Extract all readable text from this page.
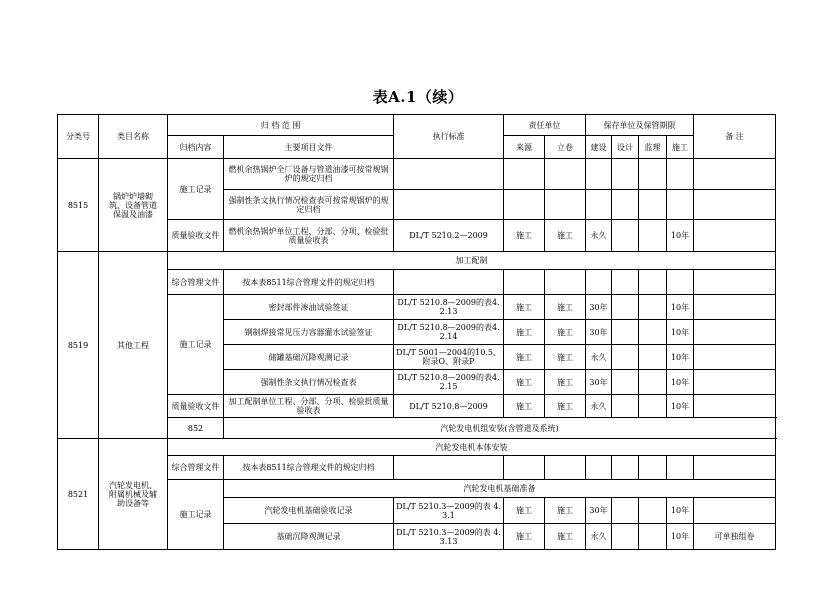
表A.1（续）
分类号	类目名称	归 档 范 围		执行标准	责任单位		保存单位及保管期限				备 注
		归档内容	主要项目文件		来源	立卷	建设	设计	监理	施工	
8515	锅炉炉墙砌筑、设备管道保温及油漆	施工记录	燃机余热锅炉全厂设备与管道油漆可按常规锅炉的规定归档								
			强制性条文执行情况检查表可按常规锅炉的规定归档								
		质量验收文件	燃机余热锅炉单位工程、分部、分项、检验批质量验收表	DL/T 5210.2—2009	施工	施工	永久			10年	
8519	其他工程	加工配制									
		综合管理文件	按本表8511综合管理文件的规定归档								
		施工记录	密封部件渗油试验签证	DL/T 5210.8—2009的表4.2.13	施工	施工	30年			10年	
			钢制焊接常见压力容器灌水试验签证	DL/T 5210.8—2009的表4.2.14	施工	施工	30年			10年	
			储罐基础沉降观测记录	DL/T 5001—2004的10.5、附录O、附录P	施工	施工	永久			10年	
			强制性条文执行情况检查表	DL/T 5210.8—2009的表4.2.15	施工	施工	30年			10年	
		质量验收文件	加工配制单位工程、分部、分项、检验批质量验收表	DL/T 5210.8—2009	施工	施工	永久			10年	
		852	汽轮发电机组安装(含管道及系统)								
8521	汽轮发电机、附属机械及辅助设备等	汽轮发电机本体安装									
		综合管理文件	按本表8511综合管理文件的规定归档								
		施工记录	汽轮发电机基础准备								
			汽轮发电机基础验收记录	DL/T 5210.3—2009的表 4.3.1	施工	施工	30年			10年	
			基础沉降观测记录	DL/T 5210.3—2009的表 4.3.13	施工	施工	永久			10年	可单独组卷
